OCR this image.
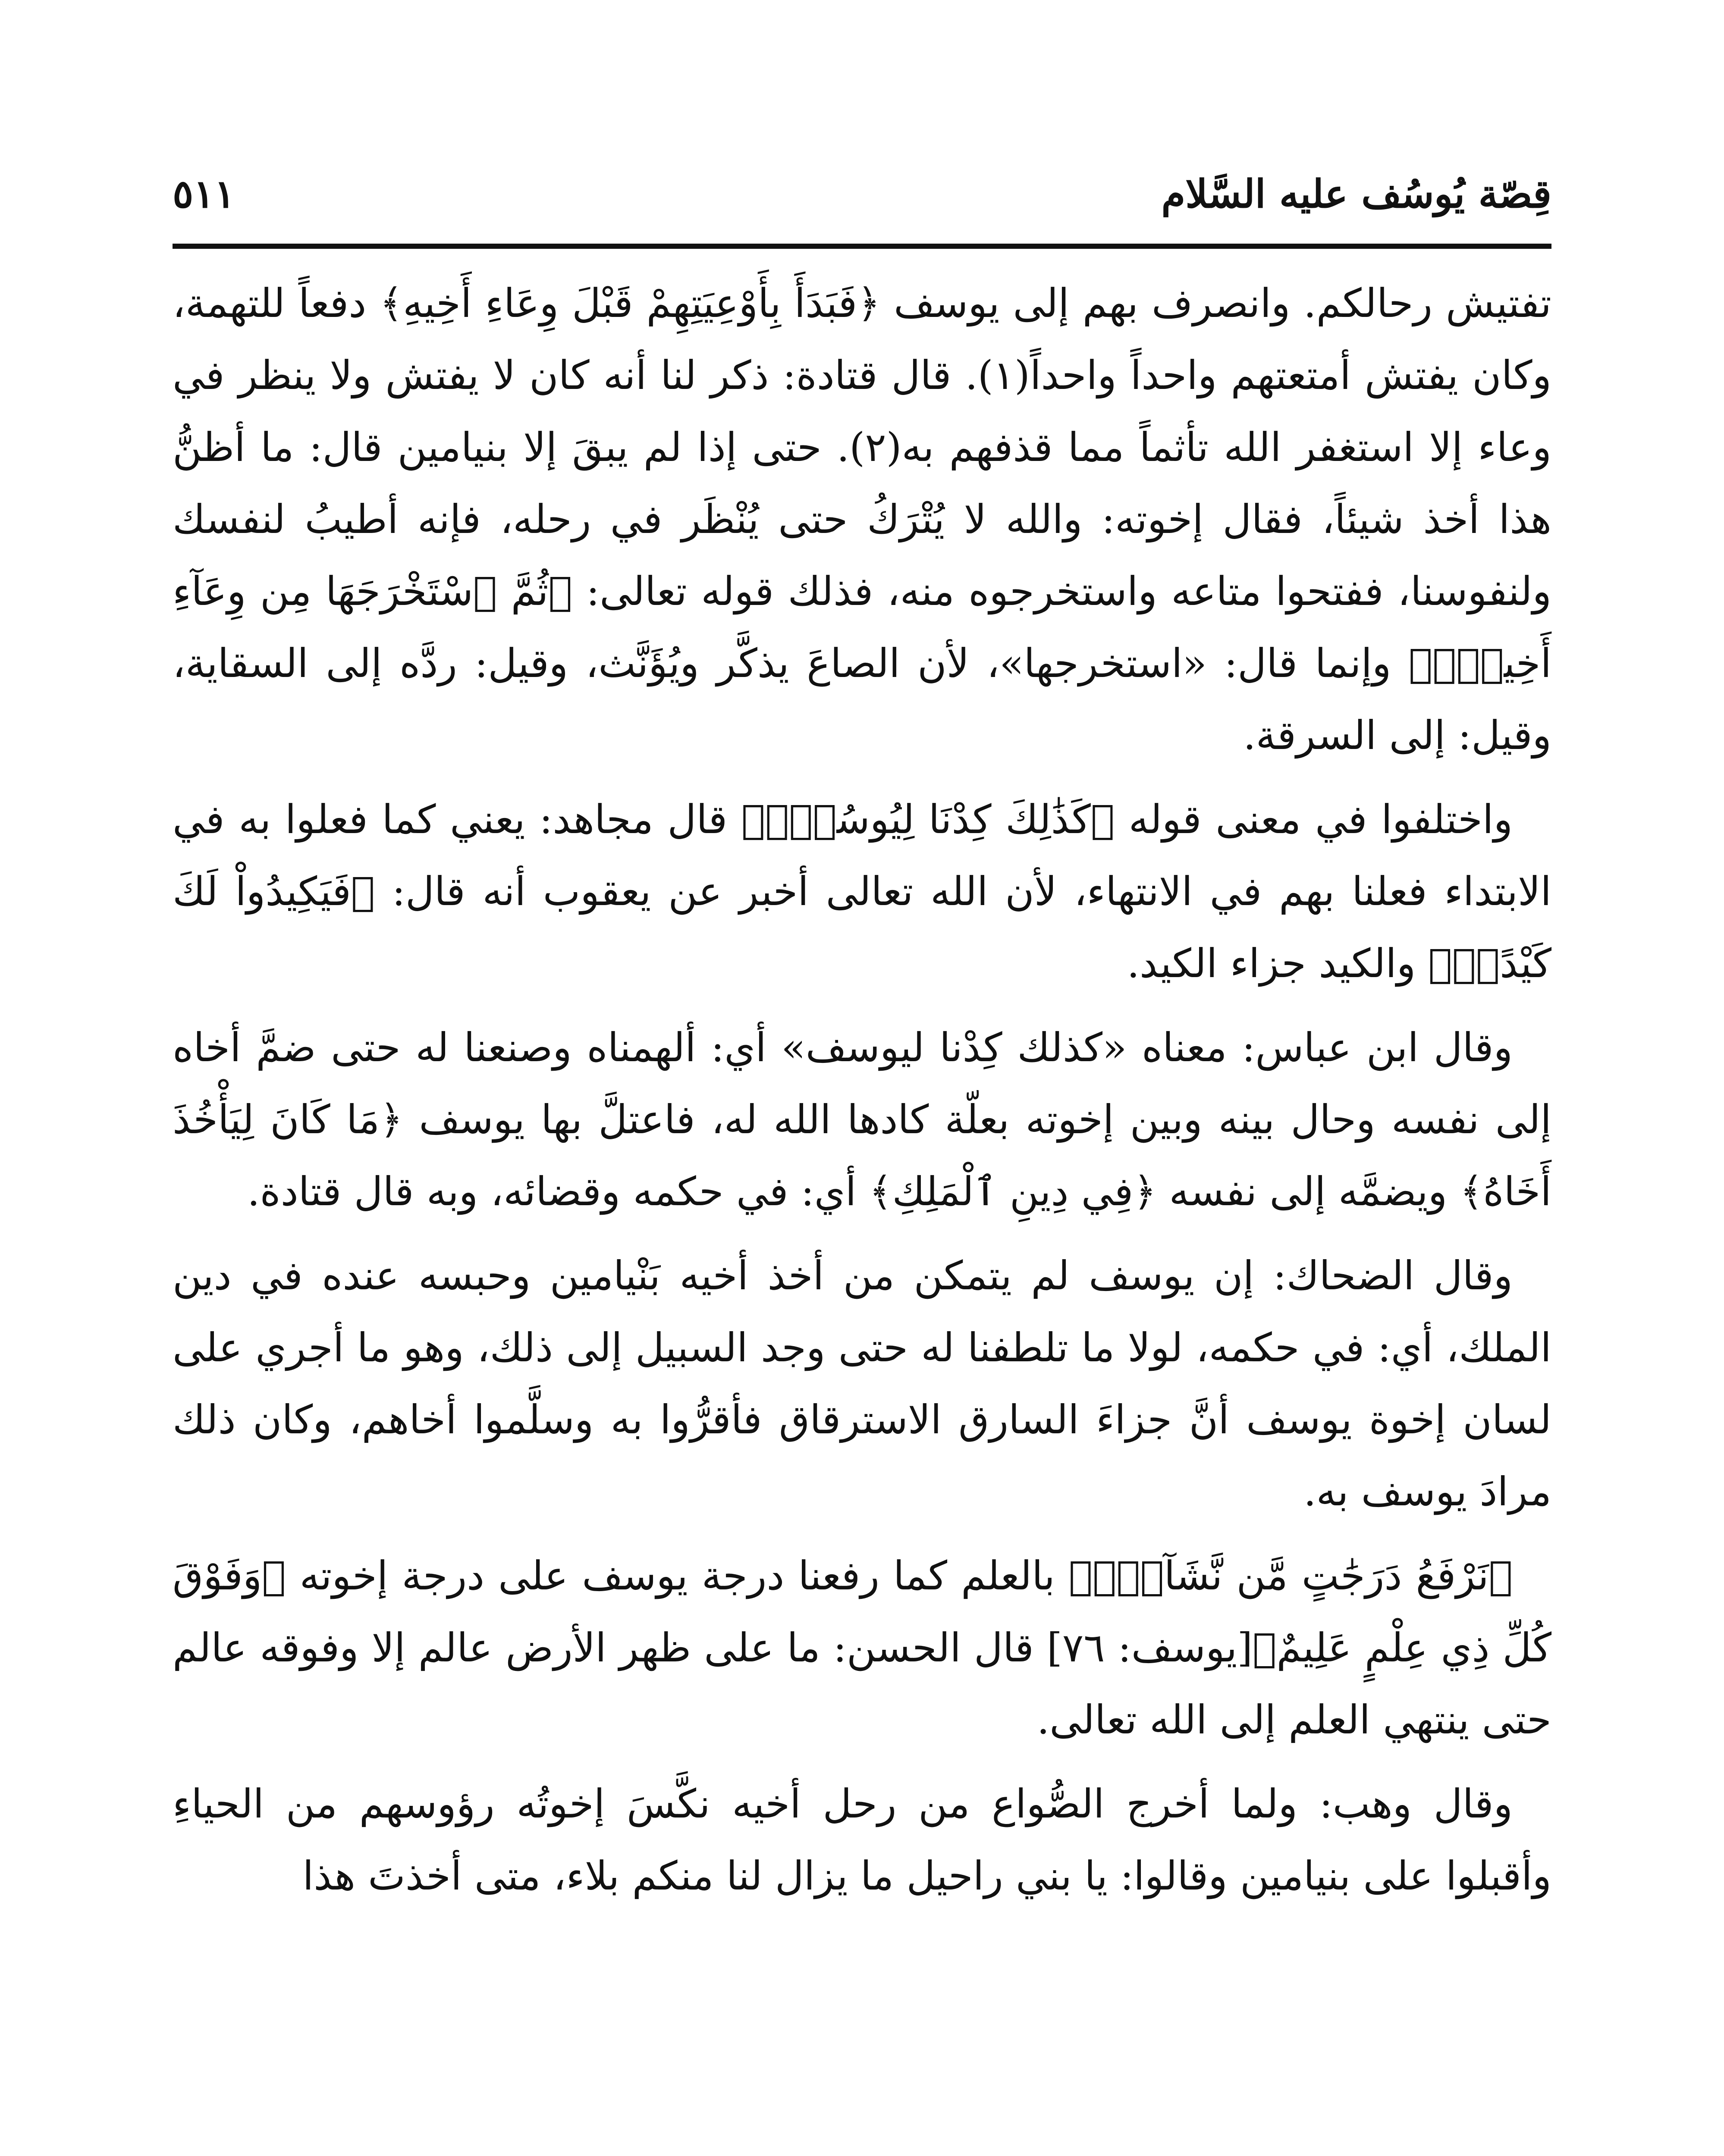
قِصّة يُوسُف عليه السَّلام
٥١١

تفتيش رحالكم. وانصرف بهم إلى يوسف ﴿فَبَدَأَ بِأَوْعِيَتِهِمْ قَبْلَ وِعَاءِ أَخِيهِ﴾ دفعاً للتهمة، وكان يفتش أمتعتهم واحداً واحداً(١). قال قتادة: ذكر لنا أنه كان لا يفتش ولا ينظر في وعاء إلا استغفر الله تأثماً مما قذفهم به(٢). حتى إذا لم يبقَ إلا بنيامين قال: ما أظنُّ هذا أخذ شيئاً، فقال إخوته: والله لا يُتْرَكُ حتى يُنْظَر في رحله، فإنه أطيبُ لنفسك ولنفوسنا، ففتحوا متاعه واستخرجوه منه، فذلك قوله تعالى: ﴿ثُمَّ ٱسْتَخْرَجَهَا مِن وِعَآءِ أَخِيهِۚ﴾ وإنما قال: «استخرجها»، لأن الصاعَ يذكَّر ويُؤَنَّث، وقيل: ردَّه إلى السقاية، وقيل: إلى السرقة.

واختلفوا في معنى قوله ﴿كَذَٰلِكَ كِدْنَا لِيُوسُفَۖ﴾ قال مجاهد: يعني كما فعلوا به في الابتداء فعلنا بهم في الانتهاء، لأن الله تعالى أخبر عن يعقوب أنه قال: ﴿فَيَكِيدُواْ لَكَ كَيْدًاۖ﴾ والكيد جزاء الكيد.

وقال ابن عباس: معناه «كذلك كِدْنا ليوسف» أي: ألهمناه وصنعنا له حتى ضمَّ أخاه إلى نفسه وحال بينه وبين إخوته بعلّة كادها الله له، فاعتلَّ بها يوسف ﴿مَا كَانَ لِيَأْخُذَ أَخَاهُ﴾ ويضمَّه إلى نفسه ﴿فِي دِينِ ٱلْمَلِكِ﴾ أي: في حكمه وقضائه، وبه قال قتادة.

وقال الضحاك: إن يوسف لم يتمكن من أخذ أخيه بَنْيامين وحبسه عنده في دين الملك، أي: في حكمه، لولا ما تلطفنا له حتى وجد السبيل إلى ذلك، وهو ما أجري على لسان إخوة يوسف أنَّ جزاءَ السارق الاسترقاق فأقرُّوا به وسلَّموا أخاهم، وكان ذلك مرادَ يوسف به.

﴿نَرْفَعُ دَرَجَٰتٍ مَّن نَّشَآءُۗ﴾ بالعلم كما رفعنا درجة يوسف على درجة إخوته ﴿وَفَوْقَ كُلِّ ذِي عِلْمٍ عَلِيمٌ﴾[يوسف: ٧٦] قال الحسن: ما على ظهر الأرض عالم إلا وفوقه عالم حتى ينتهي العلم إلى الله تعالى.

وقال وهب: ولما أخرج الصُّواع من رحل أخيه نكَّسَ إخوتُه رؤوسهم من الحياءِ وأقبلوا على بنيامين وقالوا: يا بني راحيل ما يزال لنا منكم بلاء، متى أخذتَ هذا
